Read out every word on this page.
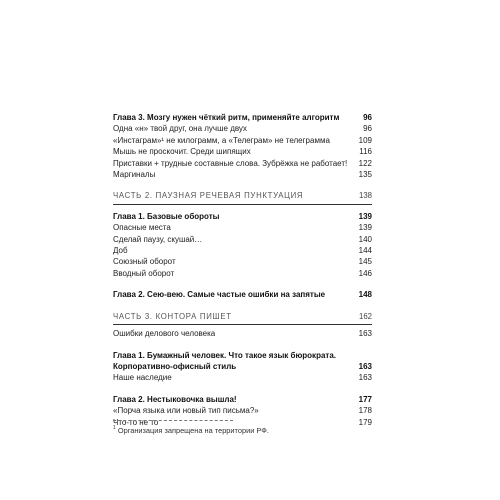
Глава 3. Мозгу нужен чёткий ритм, применяйте алгоритм	96
Одна «н» твой друг, она лучше двух	96
«Инстаграм»¹ не килограмм, а «Телеграм» не телеграмма	109
Мышь не проскочит. Среди шипящих	116
Приставки + трудные составные слова. Зубрёжка не работает!	122
Маргиналы	135
ЧАСТЬ 2. ПАУЗНАЯ РЕЧЕВАЯ ПУНКТУАЦИЯ	138
Глава 1. Базовые обороты	139
Опасные места	139
Сделай паузу, скушай…	140
Доб	144
Союзный оборот	145
Вводный оборот	146
Глава 2. Сею-вею. Самые частые ошибки на запятые	148
ЧАСТЬ 3. КОНТОРА ПИШЕТ	162
Ошибки делового человека	163
Глава 1. Бумажный человек. Что такое язык бюрократа.
Корпоративно-офисный стиль	163
Наше наследие	163
Глава 2. Нестыковочка вышла!	177
«Порча языка или новый тип письма?»	178
Что-то не то	179
$^1$ Организация запрещена на территории РФ.
